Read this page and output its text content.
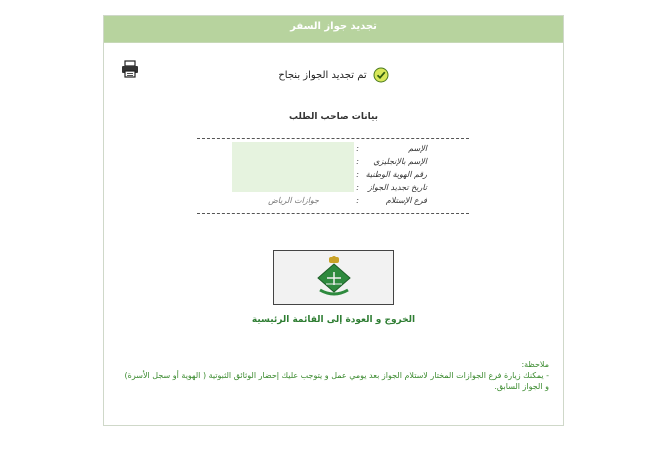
تجديد جواز السفر
تم تجديد الجواز بنجاح
بيانات صاحب الطلب
الإسم
:
الإسم بالإنجليزي
:
رقم الهوية الوطنية
:
تاريخ تجديد الجواز
:
فرع الإستلام
:
جوازات الرياض
الخروج و العودة إلى القائمة الرئيسية
ملاحظة:
- يمكنك زيارة فرع الجوازات المختار لاستلام الجواز بعد يومي عمل و يتوجب عليك إحضار الوثائق الثبوتية ( الهوية أو سجل الأسرة) و الجواز السابق.
